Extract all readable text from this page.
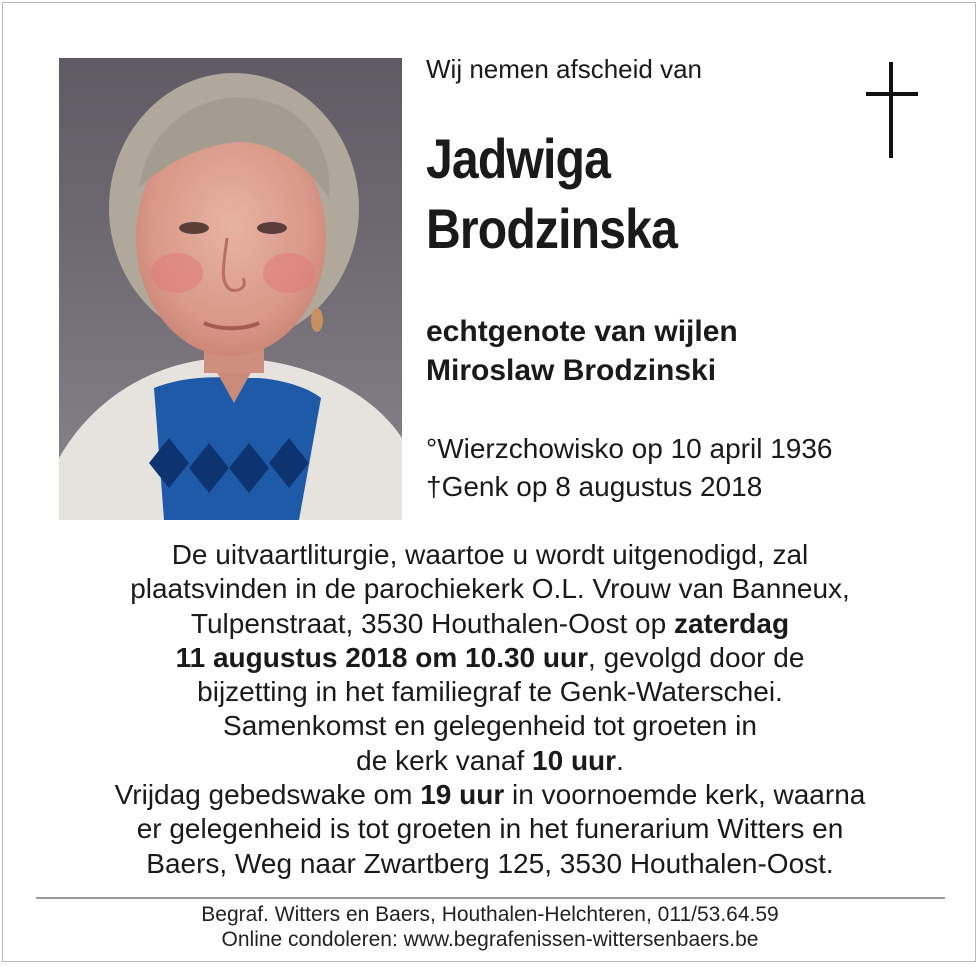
Wij nemen afscheid van
Jadwiga
Brodzinska
echtgenote van wijlen
Miroslaw Brodzinski
°Wierzchowisko op 10 april 1936
†Genk op 8 augustus 2018
De uitvaartliturgie, waartoe u wordt uitgenodigd, zal
plaatsvinden in de parochiekerk O.L. Vrouw van Banneux,
Tulpenstraat, 3530 Houthalen-Oost op zaterdag
11 augustus 2018 om 10.30 uur, gevolgd door de
bijzetting in het familiegraf te Genk-Waterschei.
Samenkomst en gelegenheid tot groeten in
de kerk vanaf 10 uur.
Vrijdag gebedswake om 19 uur in voornoemde kerk, waarna
er gelegenheid is tot groeten in het funerarium Witters en
Baers, Weg naar Zwartberg 125, 3530 Houthalen-Oost.
Begraf. Witters en Baers, Houthalen-Helchteren, 011/53.64.59
Online condoleren: www.begrafenissen-wittersenbaers.be
